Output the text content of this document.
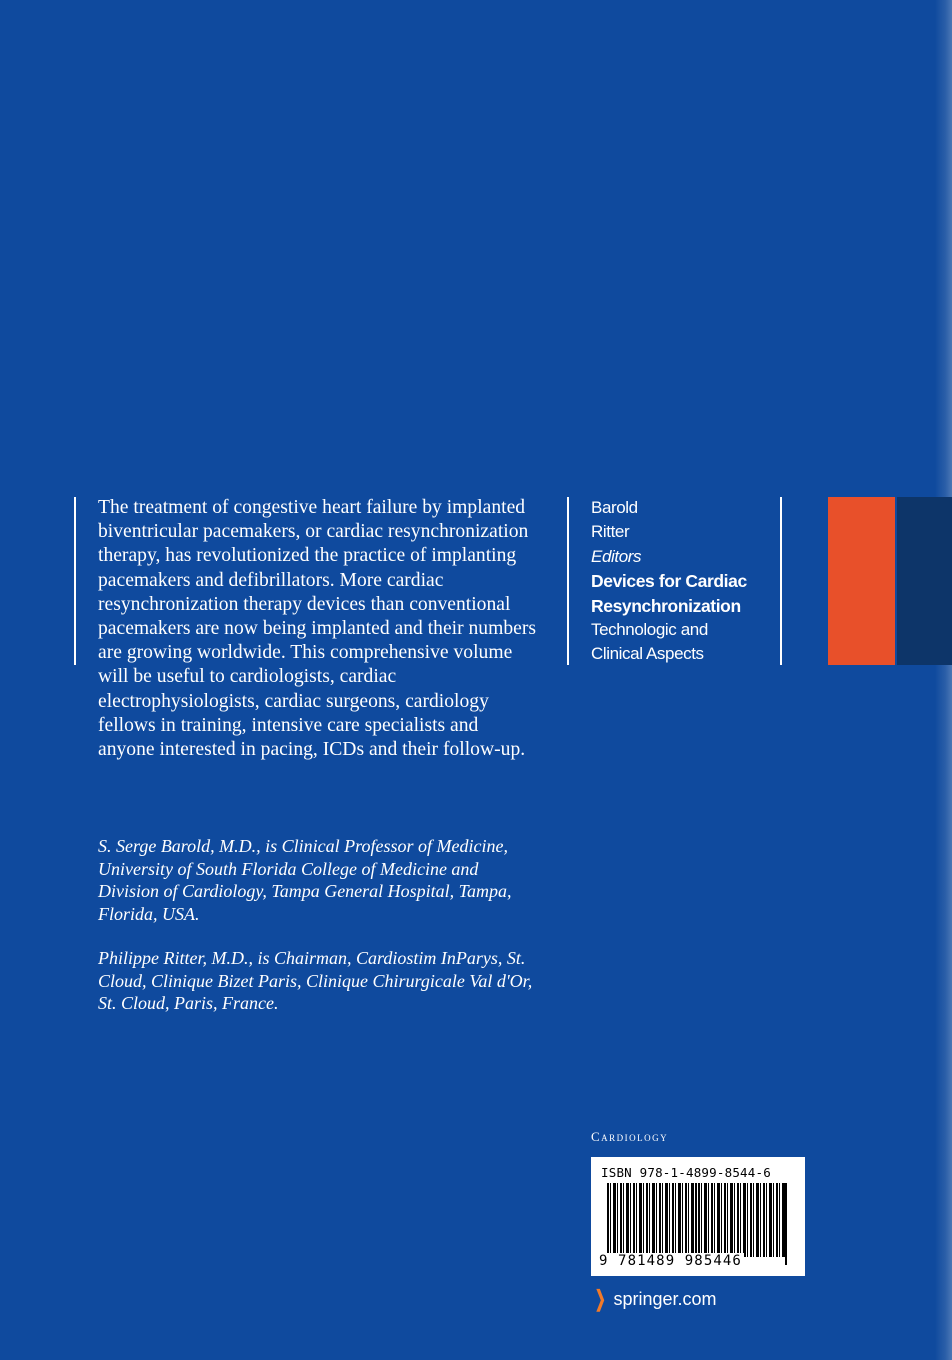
The treatment of congestive heart failure by implanted biventricular pacemakers, or cardiac resynchronization therapy, has revolutionized the practice of implanting pacemakers and defibrillators. More cardiac resynchronization therapy devices than conventional pacemakers are now being implanted and their numbers are growing worldwide. This comprehensive volume will be useful to cardiologists, cardiac electrophysiologists, cardiac surgeons, cardiology fellows in training, intensive care specialists and anyone interested in pacing, ICDs and their follow-up.

S. Serge Barold, M.D., is Clinical Professor of Medicine, University of South Florida College of Medicine and Division of Cardiology, Tampa General Hospital, Tampa, Florida, USA.

Philippe Ritter, M.D., is Chairman, Cardiostim InParys, St. Cloud, Clinique Bizet Paris, Clinique Chirurgicale Val d'Or, St. Cloud, Paris, France.

Barold
Ritter
Editors
Devices for Cardiac
Resynchronization
Technologic and
Clinical Aspects
Cardiology
ISBN 978-1-4899-8544-6
9 781489 985446
❯ springer.com
